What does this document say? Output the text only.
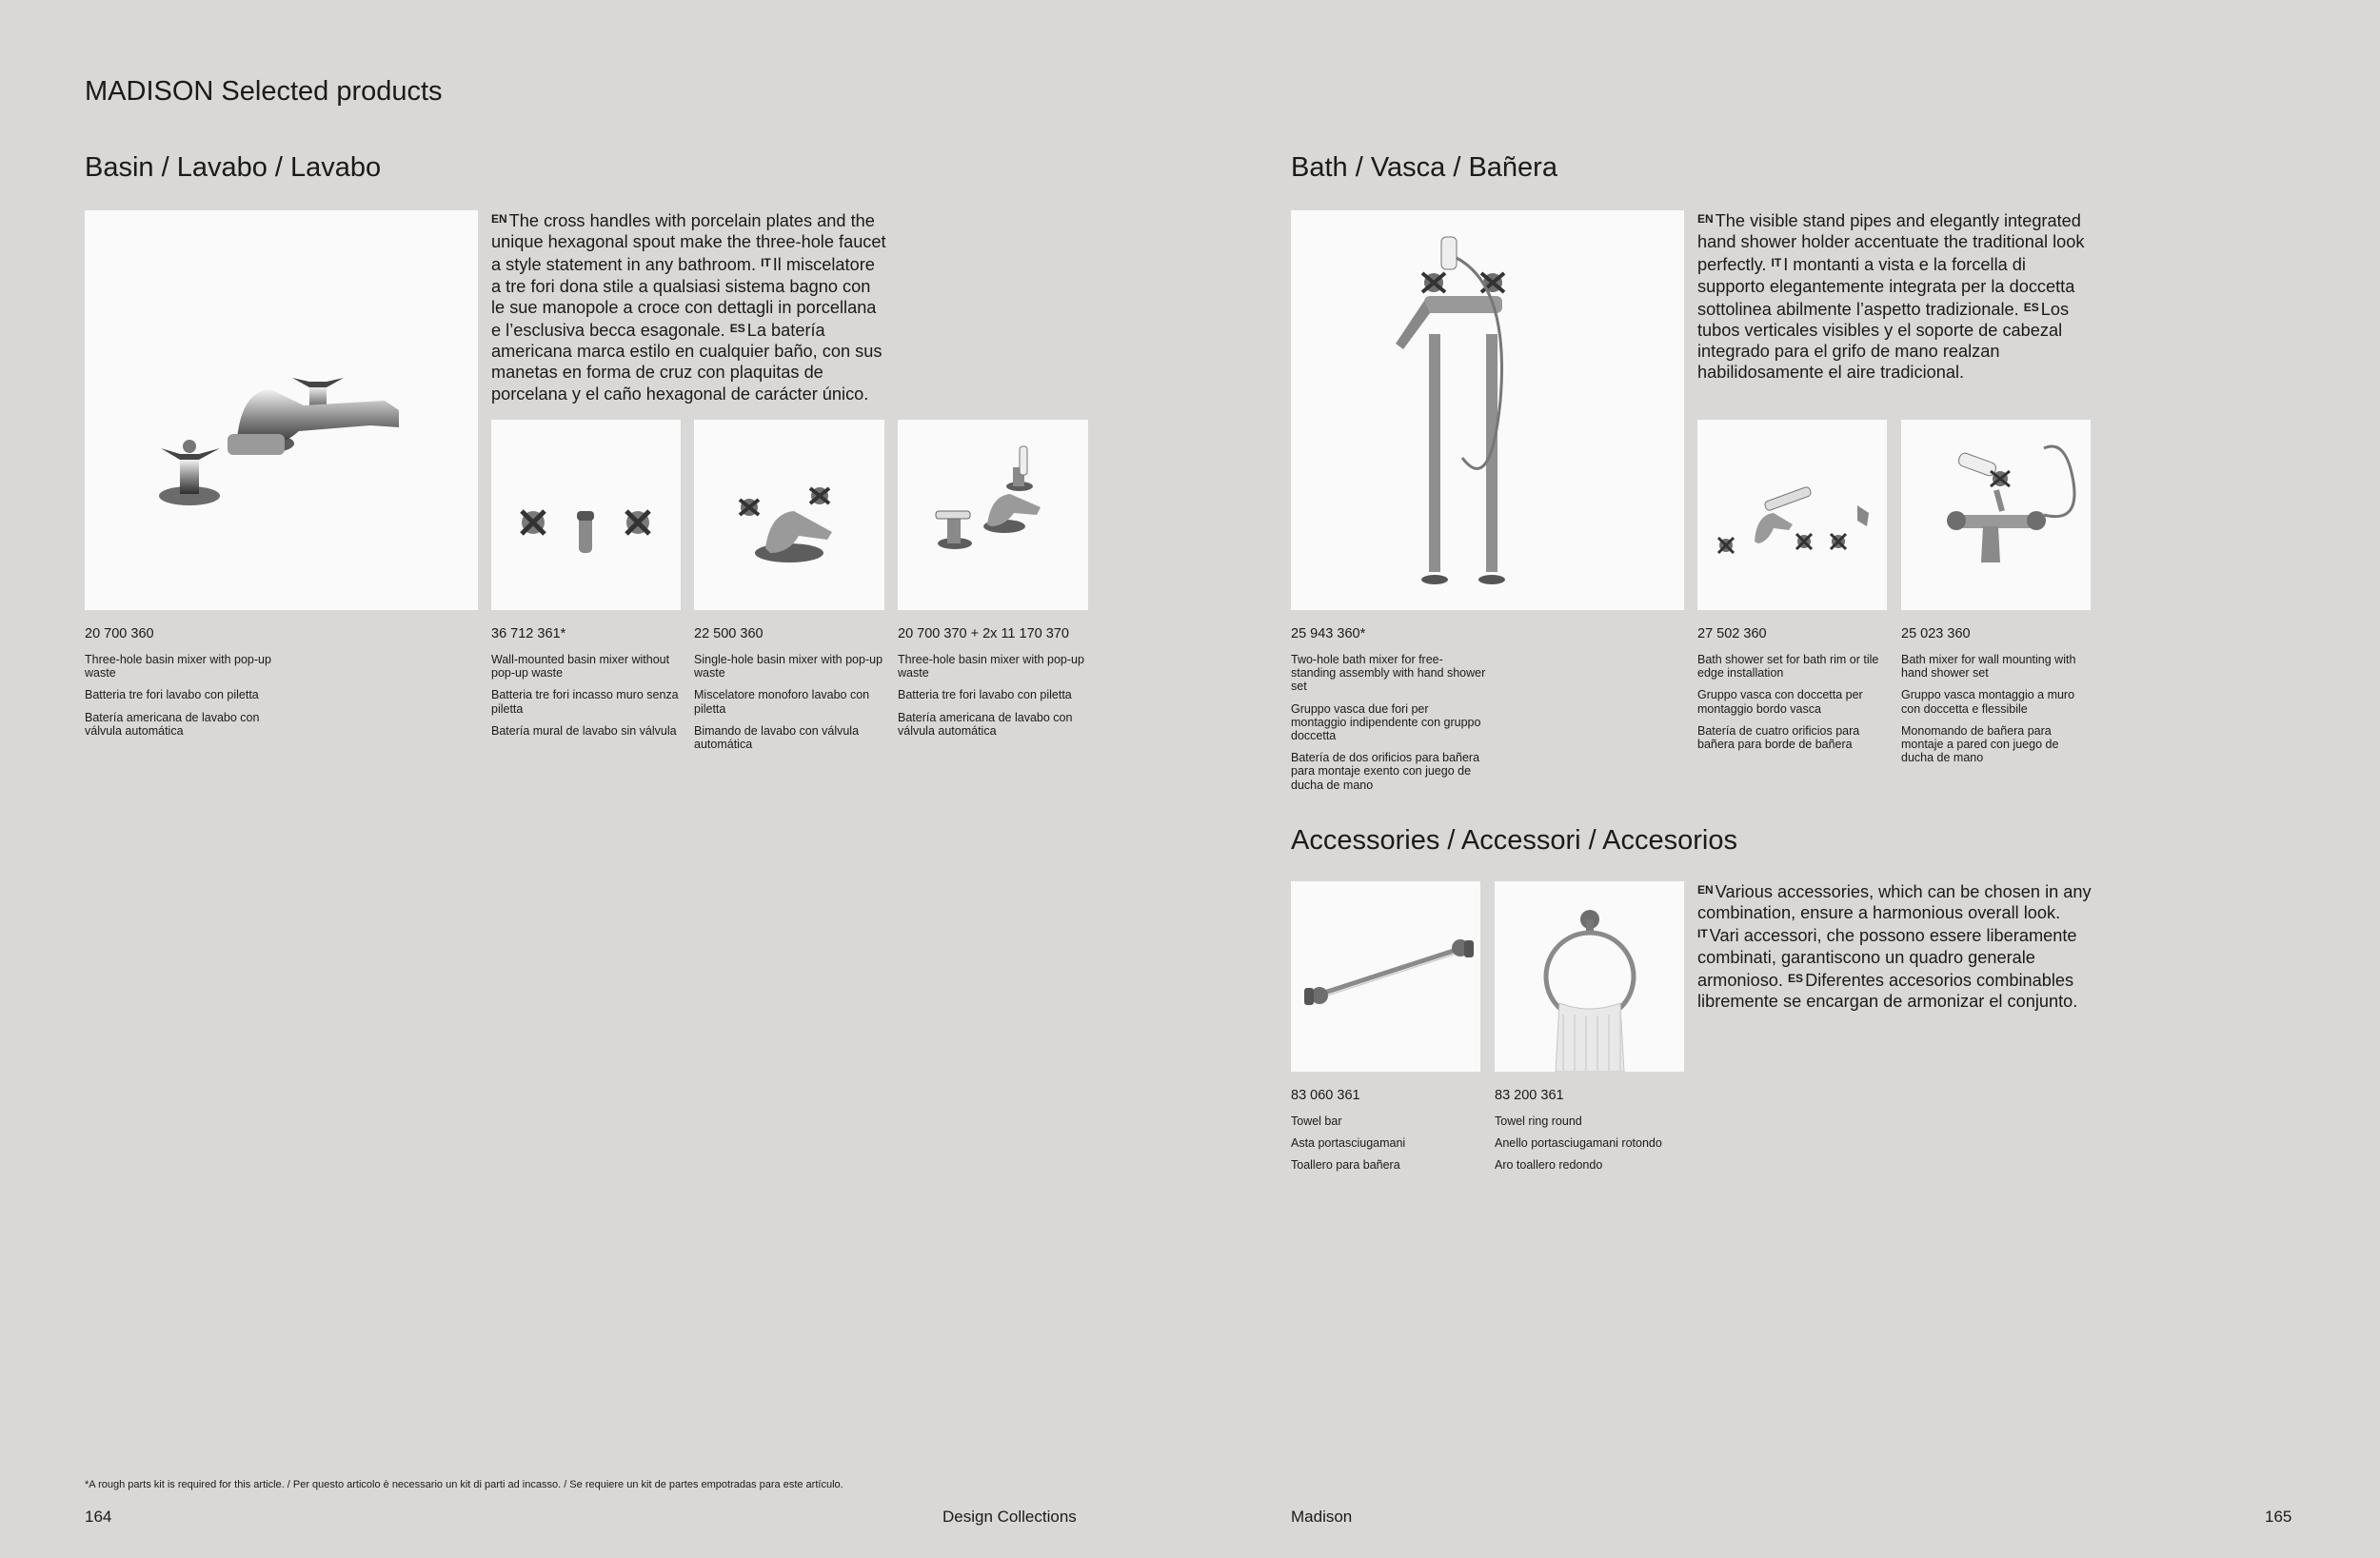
MADISON Selected products
Basin / Lavabo / Lavabo
$^{EN}$ The cross handles with porcelain plates and the unique hexagonal spout make the three-hole faucet a style statement in any bathroom. $^{IT}$ Il miscelatore a tre fori dona stile a qualsiasi sistema bagno con le sue manopole a croce con dettagli in porcellana e l’esclusiva becca esagonale. $^{ES}$ La batería americana marca estilo en cualquier baño, con sus manetas en forma de cruz con plaquitas de porcelana y el caño hexagonal de carácter único.
20 700 360

Three-hole basin mixer with pop-up waste

Batteria tre fori lavabo con piletta

Batería americana de lavabo con válvula automática

36 712 361*

Wall-mounted basin mixer without pop-up waste

Batteria tre fori incasso muro senza piletta

Batería mural de lavabo sin válvula

22 500 360

Single-hole basin mixer with pop-up waste

Miscelatore monoforo lavabo con piletta

Bimando de lavabo con válvula automática

20 700 370 + 2x 11 170 370

Three-hole basin mixer with pop-up waste

Batteria tre fori lavabo con piletta

Batería americana de lavabo con válvula automática

Bath / Vasca / Bañera
$^{EN}$ The visible stand pipes and elegantly integrated hand shower holder accentuate the traditional look perfectly. $^{IT}$ I montanti a vista e la forcella di supporto elegantemente integrata per la doccetta sottolinea abilmente l’aspetto tradizionale. $^{ES}$ Los tubos verticales visibles y el soporte de cabezal integrado para el grifo de mano realzan habilidosamente el aire tradicional.
25 943 360*

Two-hole bath mixer for free-standing assembly with hand shower set

Gruppo vasca due fori per montaggio indipendente con gruppo doccetta

Batería de dos orificios para bañera para montaje exento con juego de ducha de mano

27 502 360

Bath shower set for bath rim or tile edge installation

Gruppo vasca con doccetta per montaggio bordo vasca

Batería de cuatro orificios para bañera para borde de bañera

25 023 360

Bath mixer for wall mounting with hand shower set

Gruppo vasca montaggio a muro con doccetta e flessibile

Monomando de bañera para montaje a pared con juego de ducha de mano

Accessories / Accessori / Accesorios
$^{EN}$ Various accessories, which can be chosen in any combination, ensure a harmonious overall look. $^{IT}$ Vari accessori, che possono essere liberamente combinati, garantiscono un quadro generale armonioso. $^{ES}$ Diferentes accesorios combinables libremente se encargan de armonizar el conjunto.
83 060 361

Towel bar

Asta portasciugamani

Toallero para bañera

83 200 361

Towel ring round

Anello portasciugamani rotondo

Aro toallero redondo

*A rough parts kit is required for this article. / Per questo articolo è necessario un kit di parti ad incasso. / Se requiere un kit de partes empotradas para este artículo.
164	Design Collections	Madison	165
